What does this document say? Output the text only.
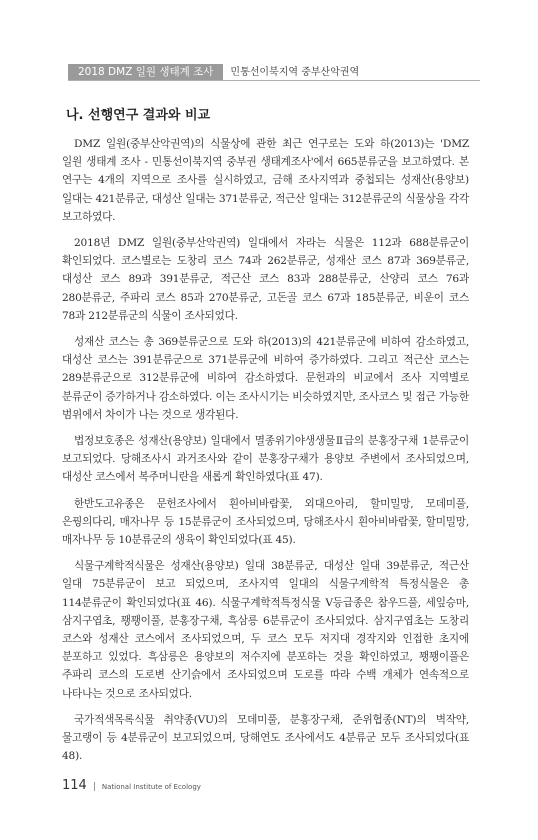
2018 DMZ 일원 생태계 조사	민통선이북지역 중부산악권역
나. 선행연구 결과와 비교

DMZ 일원(중부산악권역)의 식물상에 관한 최근 연구로는 도와 하(2013)는 'DMZ 일원 생태계 조사 - 민통선이북지역 중부권 생태계조사'에서 665분류군을 보고하였다. 본 연구는 4개의 지역으로 조사를 실시하였고, 금해 조사지역과 중첩되는 성재산(용양보) 일대는 421분류군, 대성산 일대는 371분류군, 적근산 일대는 312분류군의 식물상을 각각 보고하였다.

2018년 DMZ 일원(중부산악권역) 일대에서 자라는 식물은 112과 688분류군이 확인되었다. 코스별로는 도창리 코스 74과 262분류군, 성재산 코스 87과 369분류군, 대성산 코스 89과 391분류군, 적근산 코스 83과 288분류군, 산양리 코스 76과 280분류군, 주파리 코스 85과 270분류군, 고돈골 코스 67과 185분류군, 비운이 코스 78과 212분류군의 식물이 조사되었다.

성재산 코스는 총 369분류군으로 도와 하(2013)의 421분류군에 비하여 감소하였고, 대성산 코스는 391분류군으로 371분류군에 비하여 증가하였다. 그리고 적근산 코스는 289분류군으로 312분류군에 비하여 감소하였다. 문헌과의 비교에서 조사 지역별로 분류군이 증가하거나 감소하였다. 이는 조사시기는 비슷하였지만, 조사코스 및 접근 가능한 범위에서 차이가 나는 것으로 생각된다.

법정보호종은 성재산(용양보) 일대에서 멸종위기야생생물Ⅱ급의 분홍장구채 1분류군이 보고되었다. 당해조사시 과거조사와 같이 분홍장구채가 용양보 주변에서 조사되었으며, 대성산 코스에서 복주머니란을 새롭게 확인하였다(표 47).

한반도고유종은 문헌조사에서 흰아비바람꽃, 외대으아리, 할미밀망, 모데미풀, 은꿩의다리, 매자나무 등 15분류군이 조사되었으며, 당해조사시 흰아비바람꽃, 할미밀망, 매자나무 등 10분류군의 생육이 확인되었다(표 45).

식물구계학적식물은 성재산(용양보) 일대 38분류군, 대성산 일대 39분류군, 적근산 일대 75분류군이 보고 되었으며, 조사지역 일대의 식물구계학적 특정식물은 총 114분류군이 확인되었다(표 46). 식물구계학적특정식물 V등급종은 참우드풀, 세잎승마, 삼지구엽초, 꽹꽹이풀, 분홍장구채, 흑삼릉 6분류군이 조사되었다. 삼지구엽초는 도창리 코스와 성재산 코스에서 조사되었으며, 두 코스 모두 저지대 경작지와 인접한 초지에 분포하고 있었다. 흑삼릉은 용양보의 저수지에 분포하는 것을 확인하였고, 꽹꽹이풀은 주파리 코스의 도로변 산기슭에서 조사되었으며 도로를 따라 수백 개체가 연속적으로 나타나는 것으로 조사되었다.

국가적색목록식물 취약종(VU)의 모데미풀, 분홍장구채, 준위협종(NT)의 벽작약, 물고랭이 등 4분류군이 보고되었으며, 당해연도 조사에서도 4분류군 모두 조사되었다(표 48).

114 | National Institute of Ecology
